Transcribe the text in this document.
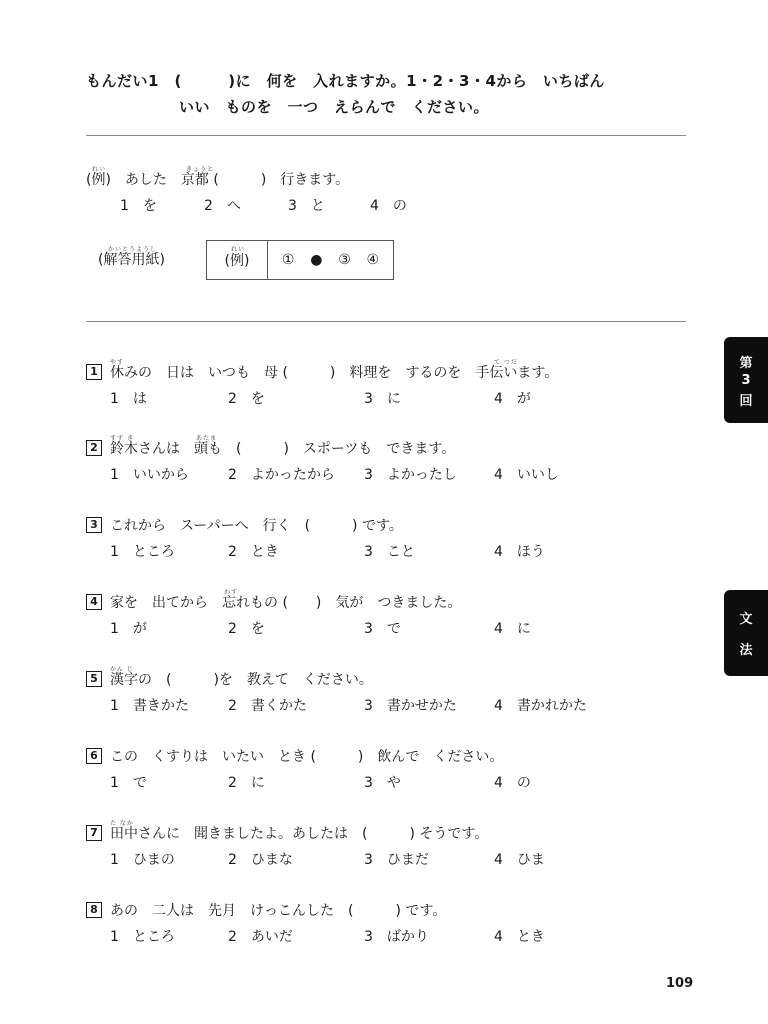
もんだい1　(　　　)に　何を　入れますか。1・2・3・4から　いちばん
いい　ものを　一つ　えらんで　ください。
れい	きょうと
(例)　あした　京都 (　　　)　行きます。
1　を	2　へ	3　と	4　の
かいとうようし
(解答用紙)
れい
(例) ① ● ③ ④
やす	て つだ
1 休みの　日は　いつも　母 (　　　)　料理を　するのを　手伝います。
1　は	2　を	3　に	4　が
すず き	あたま
2 鈴木さんは　頭も　(　　　)　スポーツも　できます。
1　いいから	2　よかったから 3　よかったし	4　いいし
3 これから　スーパーへ　行く　(　　　) です。
1　ところ	2　とき	3　こと	4　ほう
わす
4 家を　出てから　忘れもの (　　)　気が　つきました。
1　が	2　を	3　で	4　に
かん じ
5 漢字の　(　　　)を　教えて　ください。
1　書きかた	2　書くかた	3　書かせかた	4　書かれかた
6 この　くすりは　いたい　とき (　　　)　飲んで　ください。
1　で	2　に	3　や	4　の
た なか
7 田中さんに　聞きましたよ。あしたは　(　　　) そうです。
1　ひまの	2　ひまな	3　ひまだ	4　ひま
8 あの　二人は　先月　けっこんした　(　　　) です。
1　ところ	2　あいだ	3　ばかり	4　とき
第
3
回
文
法
109
